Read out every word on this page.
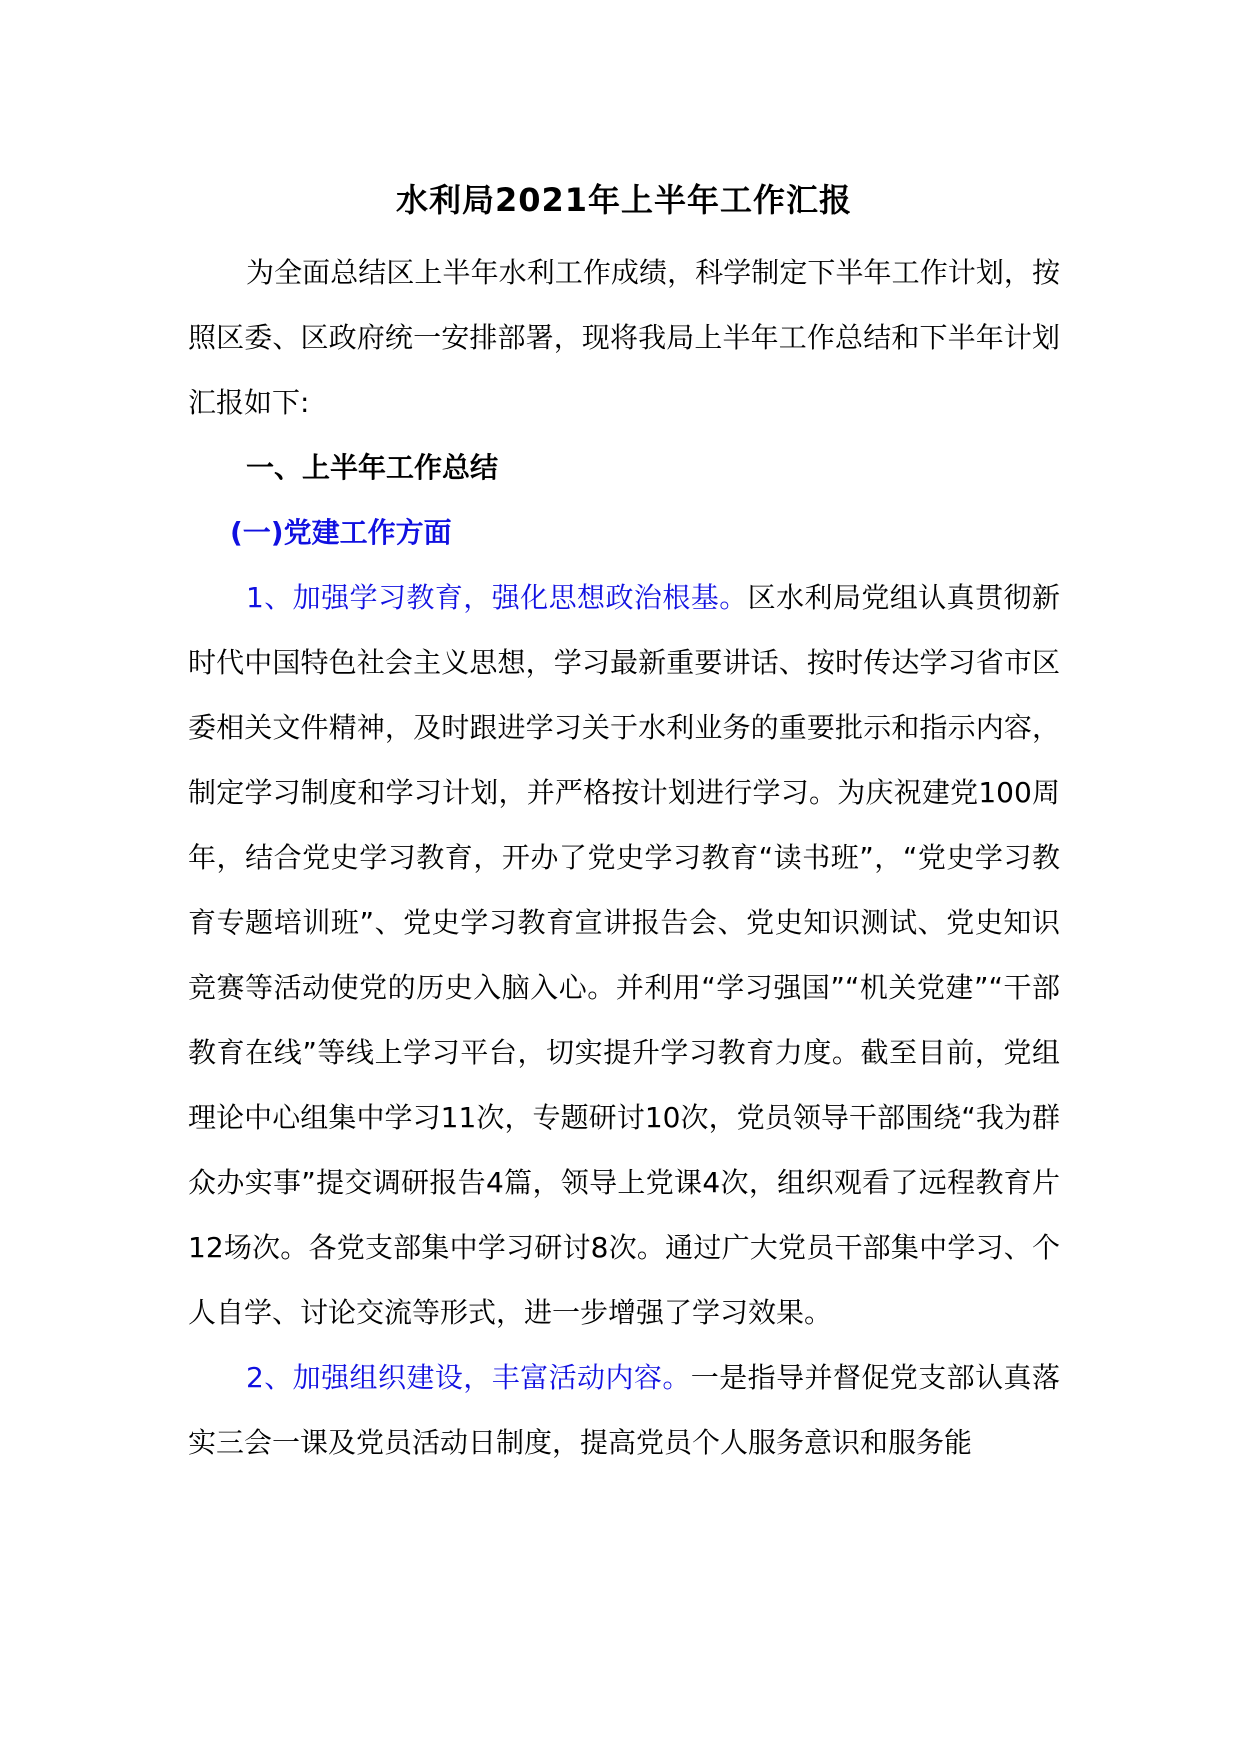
水利局2021年上半年工作汇报

为全面总结区上半年水利工作成绩，科学制定下半年工作计划，按照区委、区政府统一安排部署，现将我局上半年工作总结和下半年计划汇报如下:

一、上半年工作总结
(一)党建工作方面

1、加强学习教育，强化思想政治根基。区水利局党组认真贯彻新时代中国特色社会主义思想，学习最新重要讲话、按时传达学习省市区委相关文件精神，及时跟进学习关于水利业务的重要批示和指示内容，制定学习制度和学习计划，并严格按计划进行学习。为庆祝建党100周年，结合党史学习教育，开办了党史学习教育“读书班”，“党史学习教育专题培训班”、党史学习教育宣讲报告会、党史知识测试、党史知识竞赛等活动使党的历史入脑入心。并利用“学习强国”“机关党建”“干部教育在线”等线上学习平台，切实提升学习教育力度。截至目前，党组理论中心组集中学习11次，专题研讨10次，党员领导干部围绕“我为群众办实事”提交调研报告4篇，领导上党课4次，组织观看了远程教育片12场次。各党支部集中学习研讨8次。通过广大党员干部集中学习、个人自学、讨论交流等形式，进一步增强了学习效果。

2、加强组织建设，丰富活动内容。一是指导并督促党支部认真落实三会一课及党员活动日制度，提高党员个人服务意识和服务能
